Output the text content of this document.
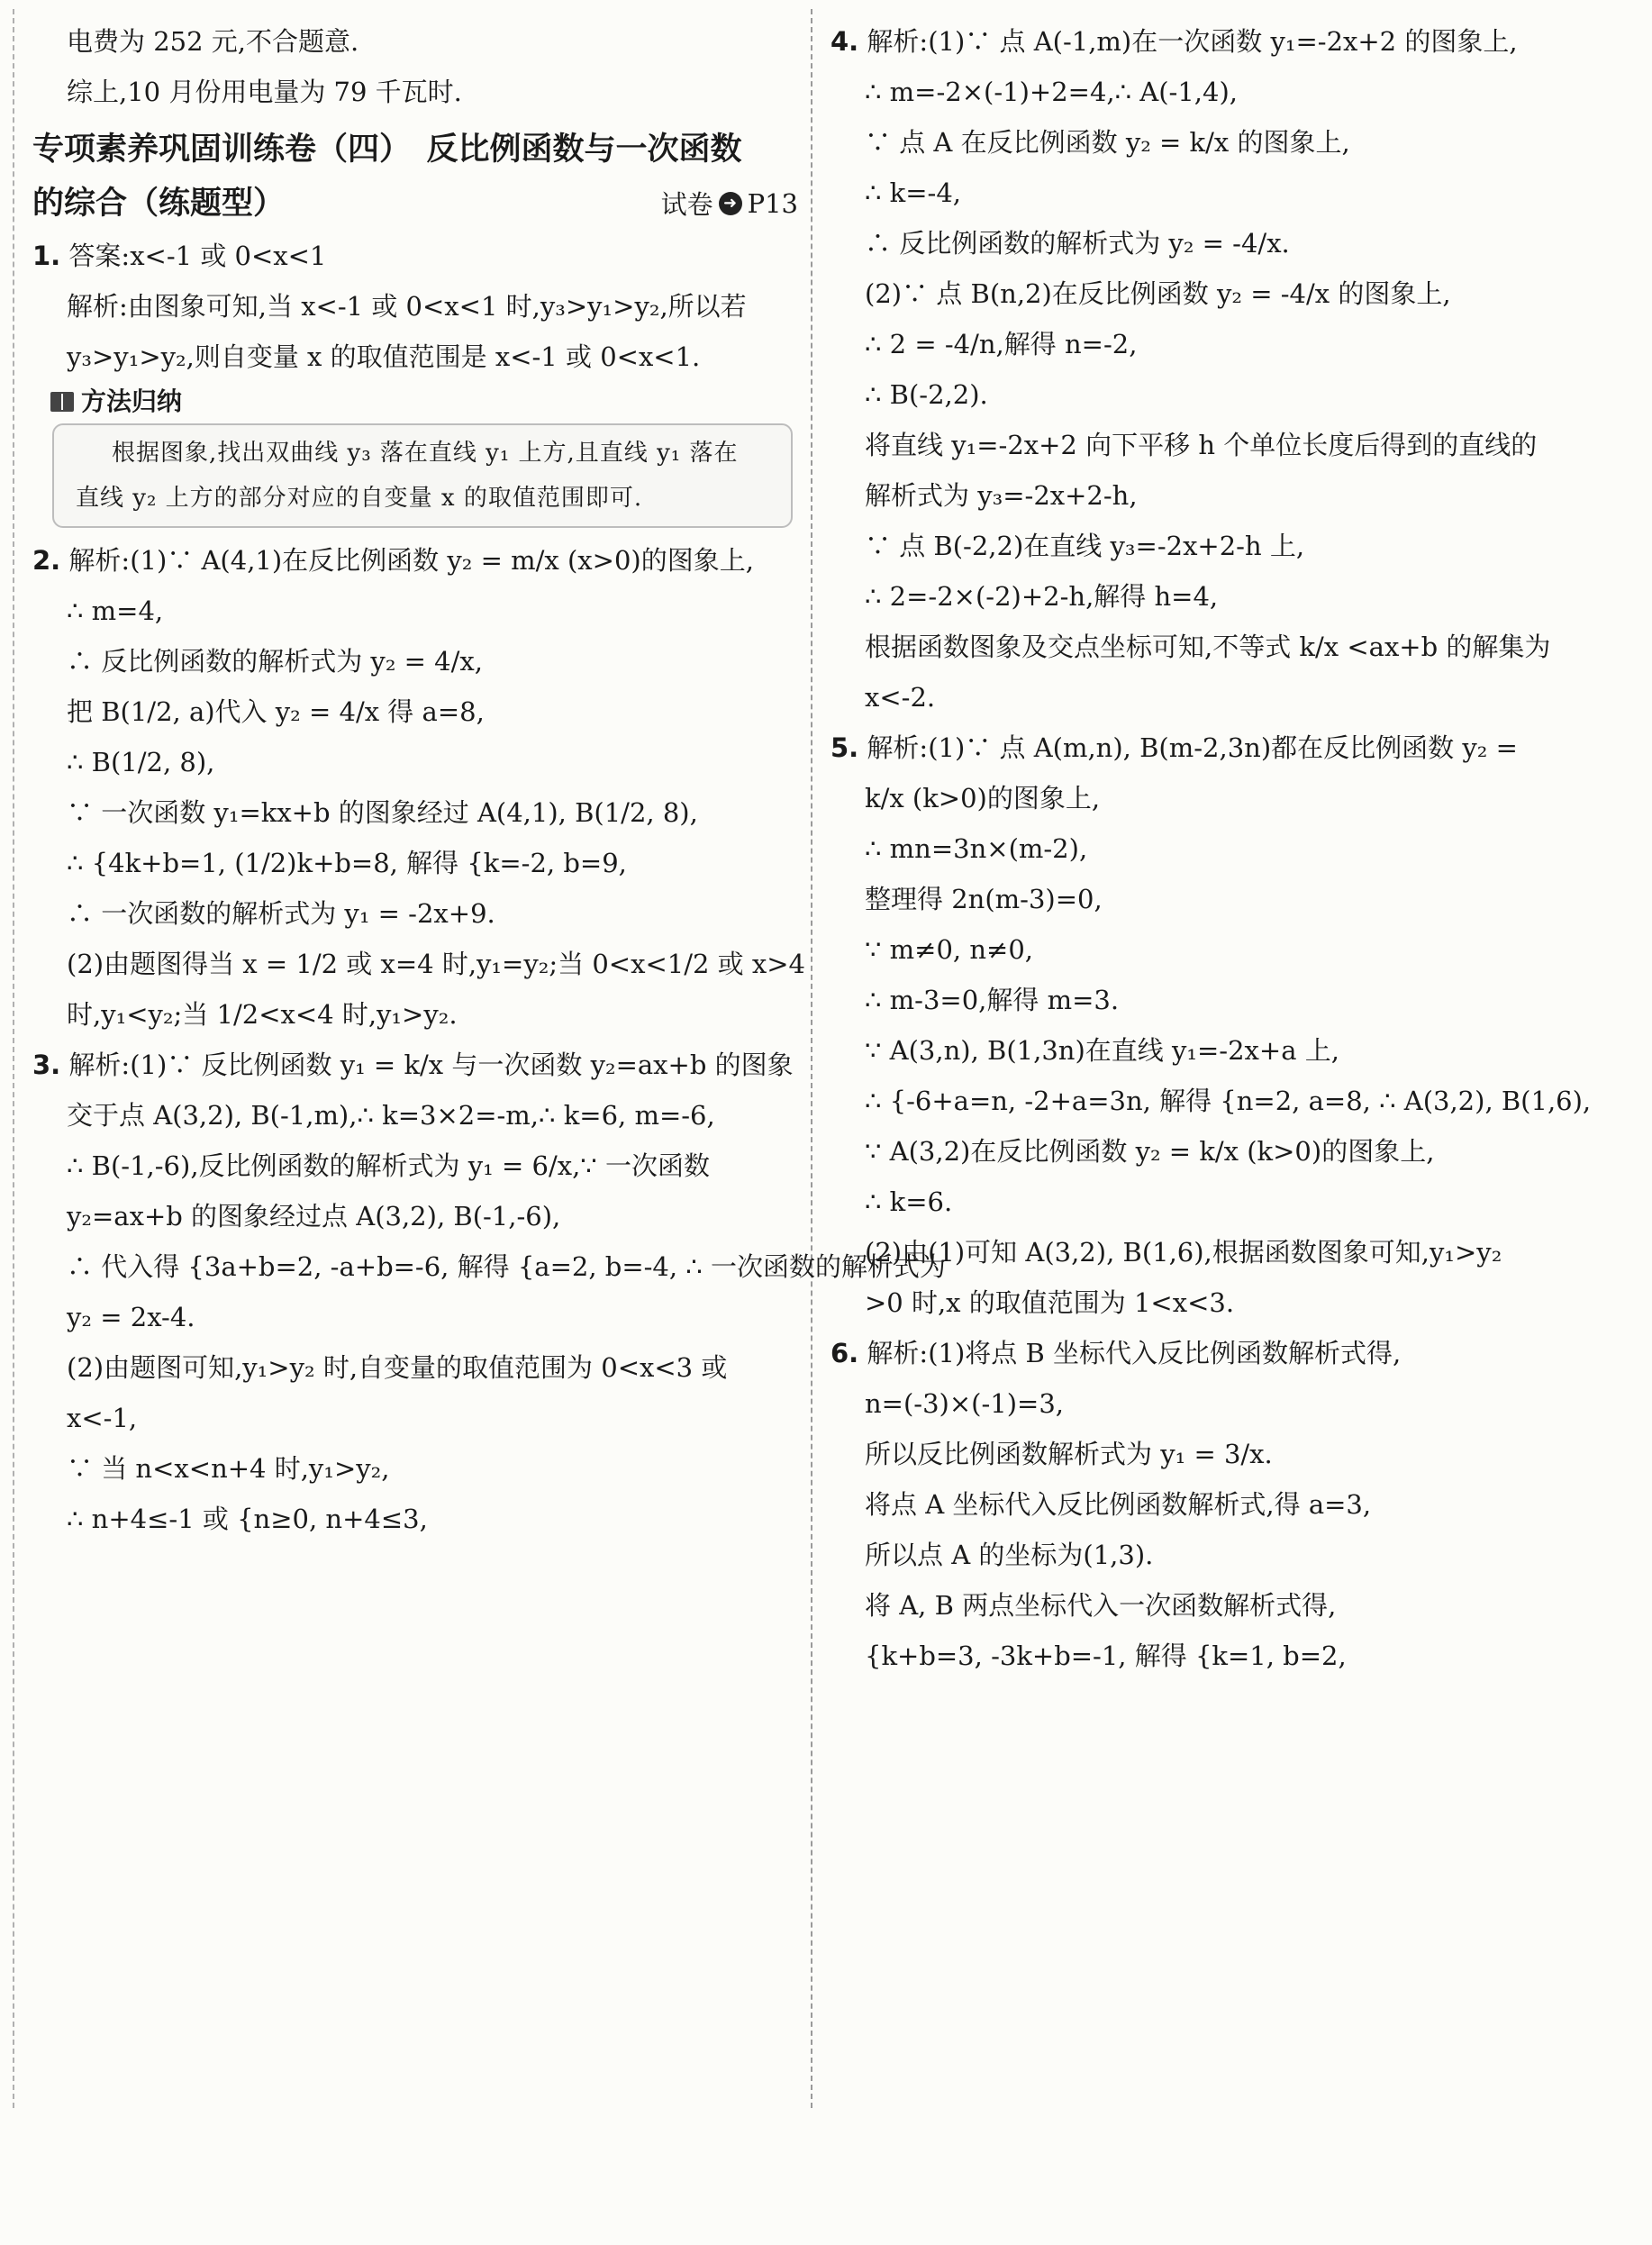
电费为 252 元,不合题意.
综上,10 月份用电量为 79 千瓦时.
专项素养巩固训练卷（四）　反比例函数与一次函数
的综合（练题型）	试卷 ➜ P13
1. 答案:x<-1 或 0<x<1
解析:由图象可知,当 x<-1 或 0<x<1 时,y₃>y₁>y₂,所以若
y₃>y₁>y₂,则自变量 x 的取值范围是 x<-1 或 0<x<1.
方法归纳
根据图象,找出双曲线 y₃ 落在直线 y₁ 上方,且直线 y₁ 落在
直线 y₂ 上方的部分对应的自变量 x 的取值范围即可.
2. 解析:(1)∵ A(4,1)在反比例函数 y₂ = m/x (x>0)的图象上,
∴ m=4,
∴ 反比例函数的解析式为 y₂ = 4/x,
把 B(1/2, a)代入 y₂ = 4/x 得 a=8,
∴ B(1/2, 8),
∵ 一次函数 y₁=kx+b 的图象经过 A(4,1), B(1/2, 8),
∴ {4k+b=1, (1/2)k+b=8, 解得 {k=-2, b=9,
∴ 一次函数的解析式为 y₁ = -2x+9.
(2)由题图得当 x = 1/2 或 x=4 时,y₁=y₂;当 0<x<1/2 或 x>4
时,y₁<y₂;当 1/2<x<4 时,y₁>y₂.
3. 解析:(1)∵ 反比例函数 y₁ = k/x 与一次函数 y₂=ax+b 的图象
交于点 A(3,2), B(-1,m),∴ k=3×2=-m,∴ k=6, m=-6,
∴ B(-1,-6),反比例函数的解析式为 y₁ = 6/x,∵ 一次函数
y₂=ax+b 的图象经过点 A(3,2), B(-1,-6),
∴ 代入得 {3a+b=2, -a+b=-6, 解得 {a=2, b=-4, ∴ 一次函数的解析式为
y₂ = 2x-4.
(2)由题图可知,y₁>y₂ 时,自变量的取值范围为 0<x<3 或
x<-1,
∵ 当 n<x<n+4 时,y₁>y₂,
∴ n+4≤-1 或 {n≥0, n+4≤3,
4. 解析:(1)∵ 点 A(-1,m)在一次函数 y₁=-2x+2 的图象上,
∴ m=-2×(-1)+2=4,∴ A(-1,4),
∵ 点 A 在反比例函数 y₂ = k/x 的图象上,
∴ k=-4,
∴ 反比例函数的解析式为 y₂ = -4/x.
(2)∵ 点 B(n,2)在反比例函数 y₂ = -4/x 的图象上,
∴ 2 = -4/n,解得 n=-2,
∴ B(-2,2).
将直线 y₁=-2x+2 向下平移 h 个单位长度后得到的直线的
解析式为 y₃=-2x+2-h,
∵ 点 B(-2,2)在直线 y₃=-2x+2-h 上,
∴ 2=-2×(-2)+2-h,解得 h=4,
根据函数图象及交点坐标可知,不等式 k/x <ax+b 的解集为
x<-2.
5. 解析:(1)∵ 点 A(m,n), B(m-2,3n)都在反比例函数 y₂ =
k/x (k>0)的图象上,
∴ mn=3n×(m-2),
整理得 2n(m-3)=0,
∵ m≠0, n≠0,
∴ m-3=0,解得 m=3.
∵ A(3,n), B(1,3n)在直线 y₁=-2x+a 上,
∴ {-6+a=n, -2+a=3n, 解得 {n=2, a=8, ∴ A(3,2), B(1,6),
∵ A(3,2)在反比例函数 y₂ = k/x (k>0)的图象上,
∴ k=6.
(2)由(1)可知 A(3,2), B(1,6),根据函数图象可知,y₁>y₂
>0 时,x 的取值范围为 1<x<3.
6. 解析:(1)将点 B 坐标代入反比例函数解析式得,
n=(-3)×(-1)=3,
所以反比例函数解析式为 y₁ = 3/x.
将点 A 坐标代入反比例函数解析式,得 a=3,
所以点 A 的坐标为(1,3).
将 A, B 两点坐标代入一次函数解析式得,
{k+b=3, -3k+b=-1, 解得 {k=1, b=2,
